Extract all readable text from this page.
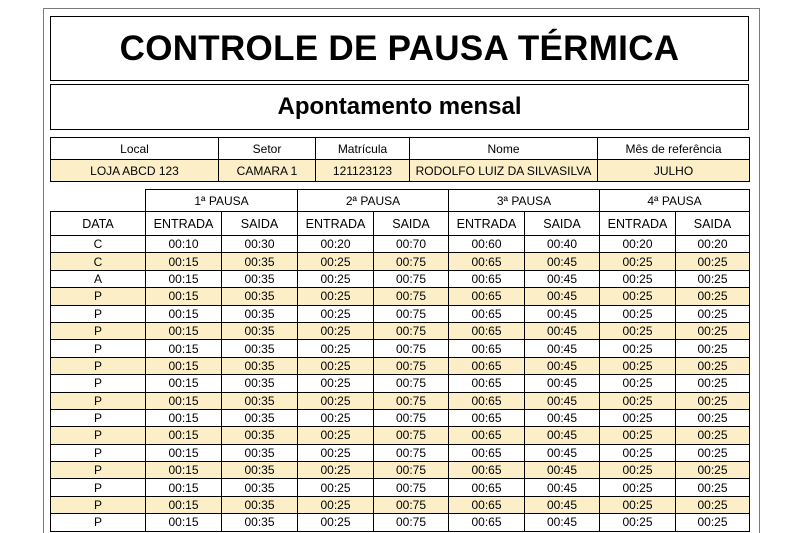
CONTROLE DE PAUSA TÉRMICA
Apontamento mensal
Local	Setor	Matrícula	Nome	Mês de referência
LOJA ABCD 123	CAMARA 1	121123123	RODOLFO LUIZ DA SILVASILVA	JULHO
	1ª PAUSA		2ª PAUSA		3ª PAUSA		4ª PAUSA	
DATA	ENTRADA	SAIDA	ENTRADA	SAIDA	ENTRADA	SAIDA	ENTRADA	SAIDA
C	00:10	00:30	00:20	00:70	00:60	00:40	00:20	00:20
C	00:15	00:35	00:25	00:75	00:65	00:45	00:25	00:25
A	00:15	00:35	00:25	00:75	00:65	00:45	00:25	00:25
P	00:15	00:35	00:25	00:75	00:65	00:45	00:25	00:25
P	00:15	00:35	00:25	00:75	00:65	00:45	00:25	00:25
P	00:15	00:35	00:25	00:75	00:65	00:45	00:25	00:25
P	00:15	00:35	00:25	00:75	00:65	00:45	00:25	00:25
P	00:15	00:35	00:25	00:75	00:65	00:45	00:25	00:25
P	00:15	00:35	00:25	00:75	00:65	00:45	00:25	00:25
P	00:15	00:35	00:25	00:75	00:65	00:45	00:25	00:25
P	00:15	00:35	00:25	00:75	00:65	00:45	00:25	00:25
P	00:15	00:35	00:25	00:75	00:65	00:45	00:25	00:25
P	00:15	00:35	00:25	00:75	00:65	00:45	00:25	00:25
P	00:15	00:35	00:25	00:75	00:65	00:45	00:25	00:25
P	00:15	00:35	00:25	00:75	00:65	00:45	00:25	00:25
P	00:15	00:35	00:25	00:75	00:65	00:45	00:25	00:25
P	00:15	00:35	00:25	00:75	00:65	00:45	00:25	00:25
